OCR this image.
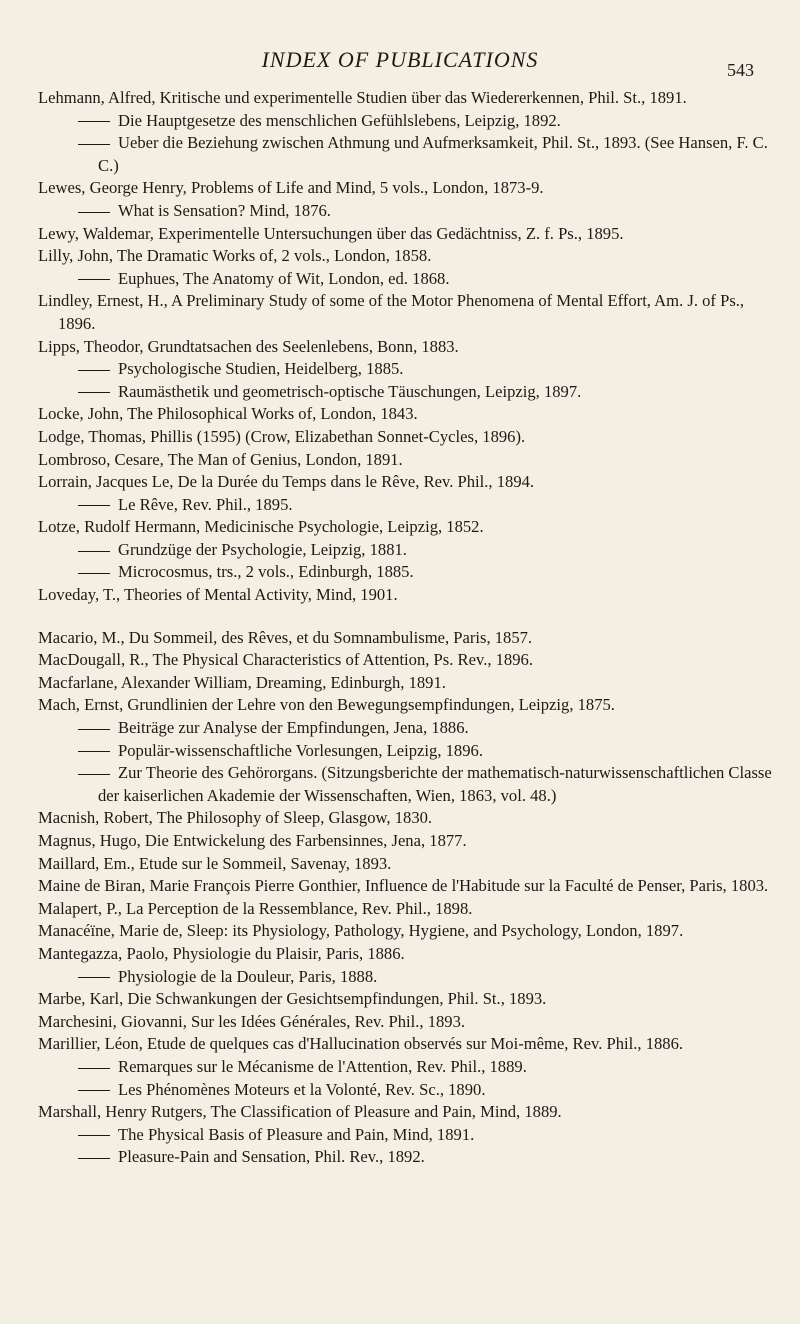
INDEX OF PUBLICATIONS	543

Lehmann, Alfred, Kritische und experimentelle Studien über das Wiedererkennen, Phil. St., 1891.

Die Hauptgesetze des menschlichen Gefühlslebens, Leipzig, 1892.

Ueber die Beziehung zwischen Athmung und Aufmerksamkeit, Phil. St., 1893. (See Hansen, F. C. C.)

Lewes, George Henry, Problems of Life and Mind, 5 vols., London, 1873-9.

What is Sensation? Mind, 1876.

Lewy, Waldemar, Experimentelle Untersuchungen über das Gedächtniss, Z. f. Ps., 1895.

Lilly, John, The Dramatic Works of, 2 vols., London, 1858.

Euphues, The Anatomy of Wit, London, ed. 1868.

Lindley, Ernest, H., A Preliminary Study of some of the Motor Phenomena of Mental Effort, Am. J. of Ps., 1896.

Lipps, Theodor, Grundtatsachen des Seelenlebens, Bonn, 1883.

Psychologische Studien, Heidelberg, 1885.

Raumästhetik und geometrisch-optische Täuschungen, Leipzig, 1897.

Locke, John, The Philosophical Works of, London, 1843.

Lodge, Thomas, Phillis (1595) (Crow, Elizabethan Sonnet-Cycles, 1896).

Lombroso, Cesare, The Man of Genius, London, 1891.

Lorrain, Jacques Le, De la Durée du Temps dans le Rêve, Rev. Phil., 1894.

Le Rêve, Rev. Phil., 1895.

Lotze, Rudolf Hermann, Medicinische Psychologie, Leipzig, 1852.

Grundzüge der Psychologie, Leipzig, 1881.

Microcosmus, trs., 2 vols., Edinburgh, 1885.

Loveday, T., Theories of Mental Activity, Mind, 1901.

Macario, M., Du Sommeil, des Rêves, et du Somnambulisme, Paris, 1857.

MacDougall, R., The Physical Characteristics of Attention, Ps. Rev., 1896.

Macfarlane, Alexander William, Dreaming, Edinburgh, 1891.

Mach, Ernst, Grundlinien der Lehre von den Bewegungsempfindungen, Leipzig, 1875.

Beiträge zur Analyse der Empfindungen, Jena, 1886.

Populär-wissenschaftliche Vorlesungen, Leipzig, 1896.

Zur Theorie des Gehörorgans. (Sitzungsberichte der mathematisch-naturwissenschaftlichen Classe der kaiserlichen Akademie der Wissenschaften, Wien, 1863, vol. 48.)

Macnish, Robert, The Philosophy of Sleep, Glasgow, 1830.

Magnus, Hugo, Die Entwickelung des Farbensinnes, Jena, 1877.

Maillard, Em., Etude sur le Sommeil, Savenay, 1893.

Maine de Biran, Marie François Pierre Gonthier, Influence de l'Habitude sur la Faculté de Penser, Paris, 1803.

Malapert, P., La Perception de la Ressemblance, Rev. Phil., 1898.

Manacéïne, Marie de, Sleep: its Physiology, Pathology, Hygiene, and Psychology, London, 1897.

Mantegazza, Paolo, Physiologie du Plaisir, Paris, 1886.

Physiologie de la Douleur, Paris, 1888.

Marbe, Karl, Die Schwankungen der Gesichtsempfindungen, Phil. St., 1893.

Marchesini, Giovanni, Sur les Idées Générales, Rev. Phil., 1893.

Marillier, Léon, Etude de quelques cas d'Hallucination observés sur Moi-même, Rev. Phil., 1886.

Remarques sur le Mécanisme de l'Attention, Rev. Phil., 1889.

Les Phénomènes Moteurs et la Volonté, Rev. Sc., 1890.

Marshall, Henry Rutgers, The Classification of Pleasure and Pain, Mind, 1889.

The Physical Basis of Pleasure and Pain, Mind, 1891.

Pleasure-Pain and Sensation, Phil. Rev., 1892.
